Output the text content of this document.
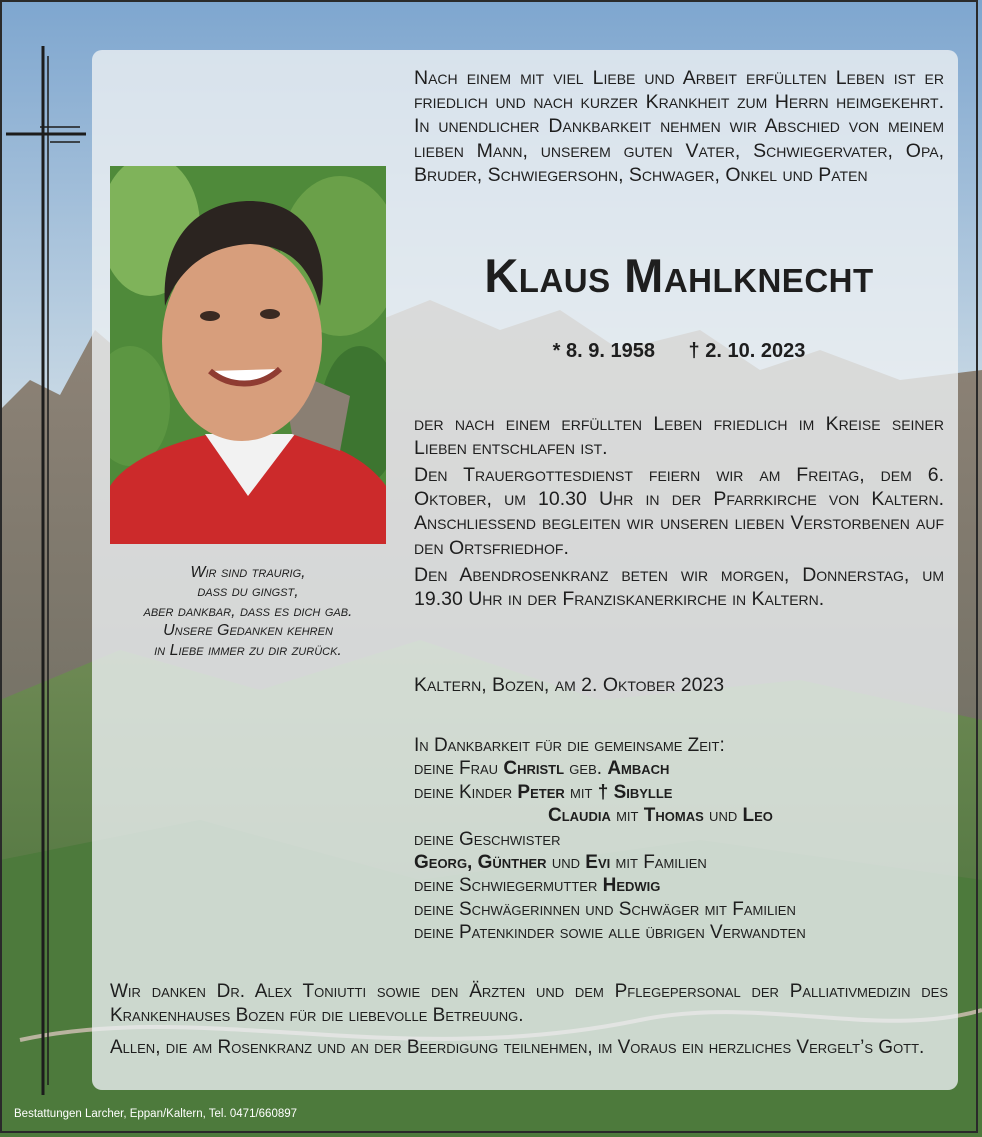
Wir sind traurig,
dass du gingst,
aber dankbar, dass es dich gab.
Unsere Gedanken kehren
in Liebe immer zu dir zurück.
Nach einem mit viel Liebe und Arbeit erfüllten Leben ist er friedlich und nach kurzer Krankheit zum Herrn heimgekehrt. In unendlicher Dankbarkeit nehmen wir Abschied von meinem lieben Mann, unserem guten Vater, Schwiegervater, Opa, Bruder, Schwiegersohn, Schwager, Onkel und Paten
Klaus Mahlknecht
* 8. 9. 1958 † 2. 10. 2023
der nach einem erfüllten Leben friedlich im Kreise seiner Lieben entschlafen ist.
Den Trauergottesdienst feiern wir am Freitag, dem 6. Oktober, um 10.30 Uhr in der Pfarrkirche von Kaltern. Anschliessend begleiten wir unseren lieben Verstorbenen auf den Ortsfriedhof.
Den Abendrosenkranz beten wir morgen, Donnerstag, um 19.30 Uhr in der Franziskanerkirche in Kaltern.
Kaltern, Bozen, am 2. Oktober 2023
In Dankbarkeit für die gemeinsame Zeit:
deine Frau Christl geb. Ambach
deine Kinder Peter mit † Sibylle
Claudia mit Thomas und Leo
deine Geschwister
Georg, Günther und Evi mit Familien
deine Schwiegermutter Hedwig
deine Schwägerinnen und Schwäger mit Familien
deine Patenkinder sowie alle übrigen Verwandten
Wir danken Dr. Alex Toniutti sowie den Ärzten und dem Pflegepersonal der Palliativmedizin des Krankenhauses Bozen für die liebevolle Betreuung.
Allen, die am Rosenkranz und an der Beerdigung teilnehmen, im Voraus ein herzliches Vergelt’s Gott.
Bestattungen Larcher, Eppan/Kaltern, Tel. 0471/660897
